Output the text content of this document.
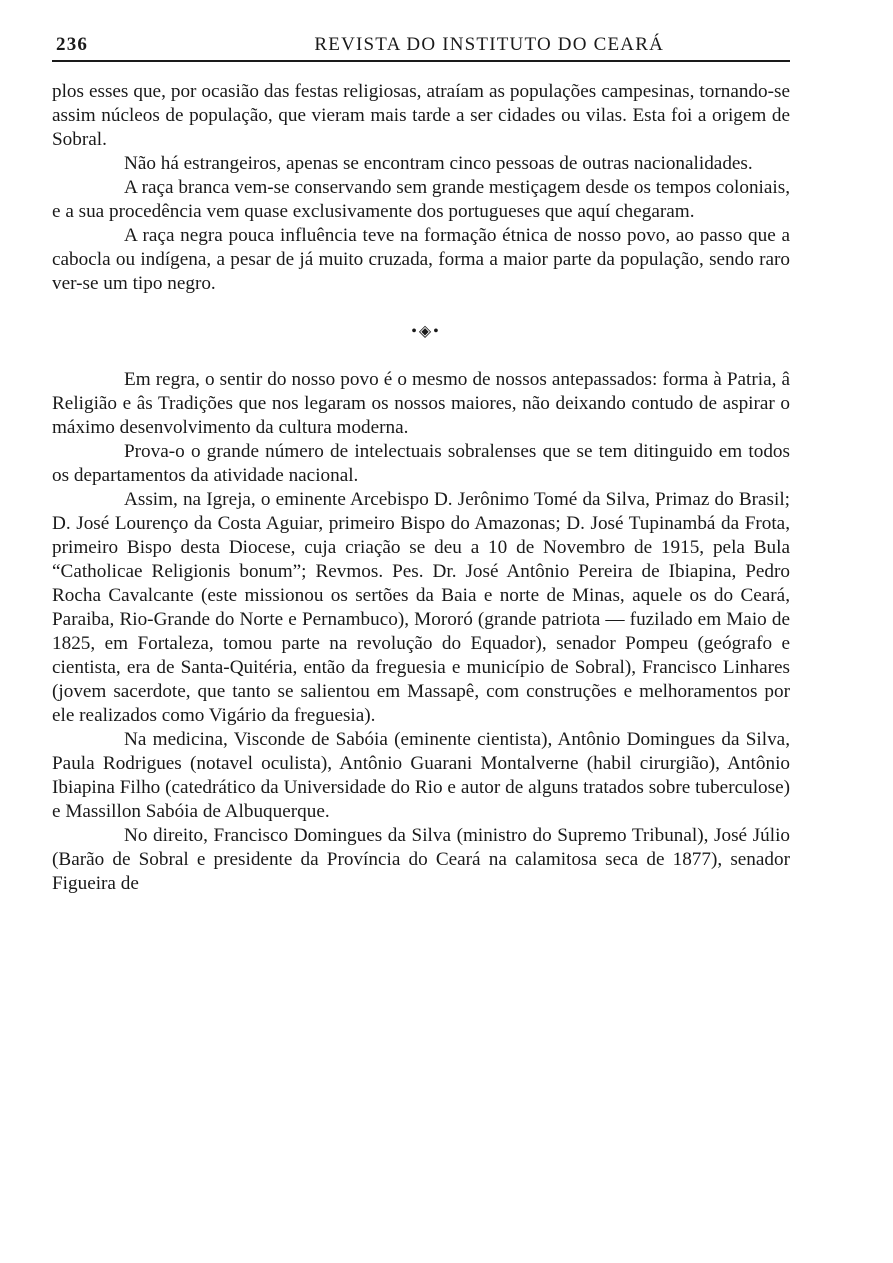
236	REVISTA DO INSTITUTO DO CEARÁ

plos esses que, por ocasião das festas religiosas, atraíam as populações campesinas, tornando-se assim núcleos de população, que vieram mais tarde a ser cidades ou vilas. Esta foi a origem de Sobral.

Não há estrangeiros, apenas se encontram cinco pessoas de outras nacionalidades.

A raça branca vem-se conservando sem grande mestiçagem desde os tempos coloniais, e a sua procedência vem quase exclusivamente dos portugueses que aquí chegaram.

A raça negra pouca influência teve na formação étnica de nosso povo, ao passo que a cabocla ou indígena, a pesar de já muito cruzada, forma a maior parte da população, sendo raro ver-se um tipo negro.

•◈•

Em regra, o sentir do nosso povo é o mesmo de nossos antepassados: forma à Patria, â Religião e âs Tradições que nos legaram os nossos maiores, não deixando contudo de aspirar o máximo desenvolvimento da cultura moderna.

Prova-o o grande número de intelectuais sobralenses que se tem ditinguido em todos os departamentos da atividade nacional.

Assim, na Igreja, o eminente Arcebispo D. Jerônimo Tomé da Silva, Primaz do Brasil; D. José Lourenço da Costa Aguiar, primeiro Bispo do Amazonas; D. José Tupinambá da Frota, primeiro Bispo desta Diocese, cuja criação se deu a 10 de Novembro de 1915, pela Bula “Catholicae Religionis bonum”; Revmos. Pes. Dr. José Antônio Pereira de Ibiapina, Pedro Rocha Cavalcante (este missionou os sertões da Baia e norte de Minas, aquele os do Ceará, Paraiba, Rio-Grande do Norte e Pernambuco), Mororó (grande patriota — fuzilado em Maio de 1825, em Fortaleza, tomou parte na revolução do Equador), senador Pompeu (geógrafo e cientista, era de Santa-Quitéria, então da freguesia e município de Sobral), Francisco Linhares (jovem sacerdote, que tanto se salientou em Massapê, com construções e melhoramentos por ele realizados como Vigário da freguesia).

Na medicina, Visconde de Sabóia (eminente cientista), Antônio Domingues da Silva, Paula Rodrigues (notavel oculista), Antônio Guarani Montalverne (habil cirurgião), Antônio Ibiapina Filho (catedrático da Universidade do Rio e autor de alguns tratados sobre tuberculose) e Massillon Sabóia de Albuquerque.

No direito, Francisco Domingues da Silva (ministro do Supremo Tribunal), José Júlio (Barão de Sobral e presidente da Província do Ceará na calamitosa seca de 1877), senador Figueira de
